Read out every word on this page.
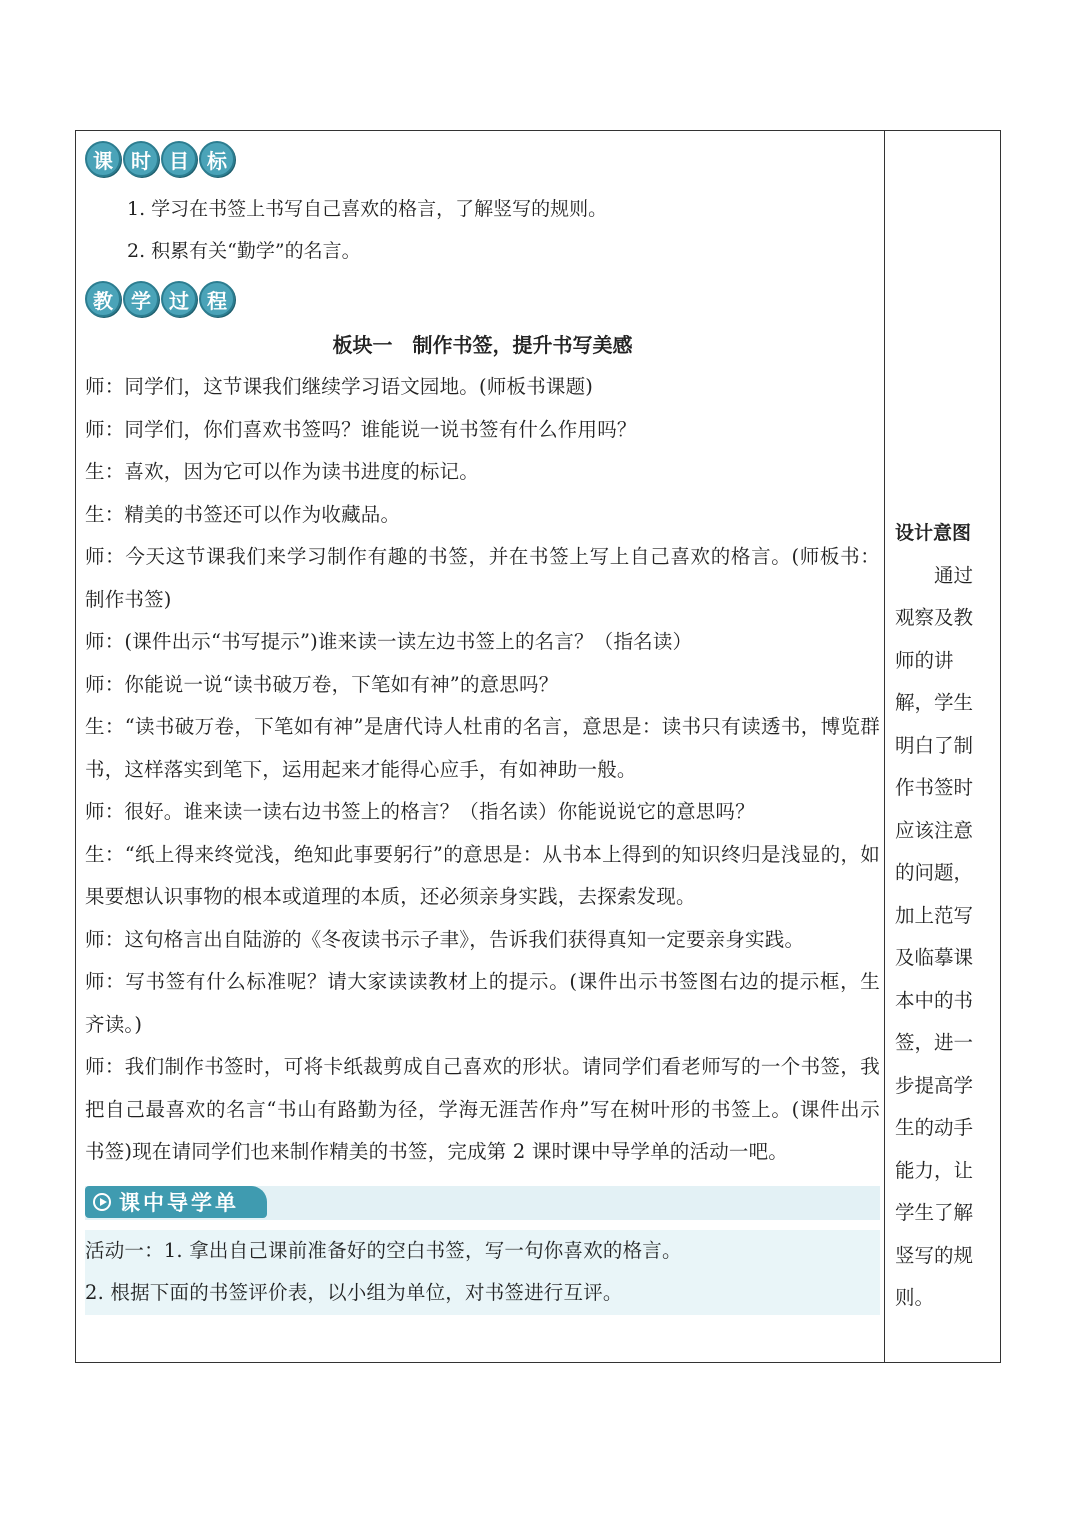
课 时 目 标
1. 学习在书签上书写自己喜欢的格言，了解竖写的规则。
2. 积累有关“勤学”的名言。
教 学 过 程
板块一　制作书签，提升书写美感

师：同学们，这节课我们继续学习语文园地。(师板书课题)

师：同学们，你们喜欢书签吗？谁能说一说书签有什么作用吗？

生：喜欢，因为它可以作为读书进度的标记。

生：精美的书签还可以作为收藏品。

师：今天这节课我们来学习制作有趣的书签，并在书签上写上自己喜欢的格言。(师板书：制作书签)

师：(课件出示“书写提示”)谁来读一读左边书签上的名言？（指名读）

师：你能说一说“读书破万卷，下笔如有神”的意思吗？

生：“读书破万卷，下笔如有神”是唐代诗人杜甫的名言，意思是：读书只有读透书，博览群书，这样落实到笔下，运用起来才能得心应手，有如神助一般。

师：很好。谁来读一读右边书签上的格言？（指名读）你能说说它的意思吗？

生：“纸上得来终觉浅，绝知此事要躬行”的意思是：从书本上得到的知识终归是浅显的，如果要想认识事物的根本或道理的本质，还必须亲身实践，去探索发现。

师：这句格言出自陆游的《冬夜读书示子聿》，告诉我们获得真知一定要亲身实践。

师：写书签有什么标准呢？请大家读读教材上的提示。(课件出示书签图右边的提示框，生齐读。)

师：我们制作书签时，可将卡纸裁剪成自己喜欢的形状。请同学们看老师写的一个书签，我把自己最喜欢的名言“书山有路勤为径，学海无涯苦作舟”写在树叶形的书签上。(课件出示书签)现在请同学们也来制作精美的书签，完成第 2 课时课中导学单的活动一吧。

课中导学单

活动一：1. 拿出自己课前准备好的空白书签，写一句你喜欢的格言。

2. 根据下面的书签评价表，以小组为单位，对书签进行互评。

设计意图
　　通过观察及教师的讲解，学生明白了制作书签时应该注意的问题，加上范写及临摹课本中的书签，进一步提高学生的动手能力，让学生了解竖写的规则。
